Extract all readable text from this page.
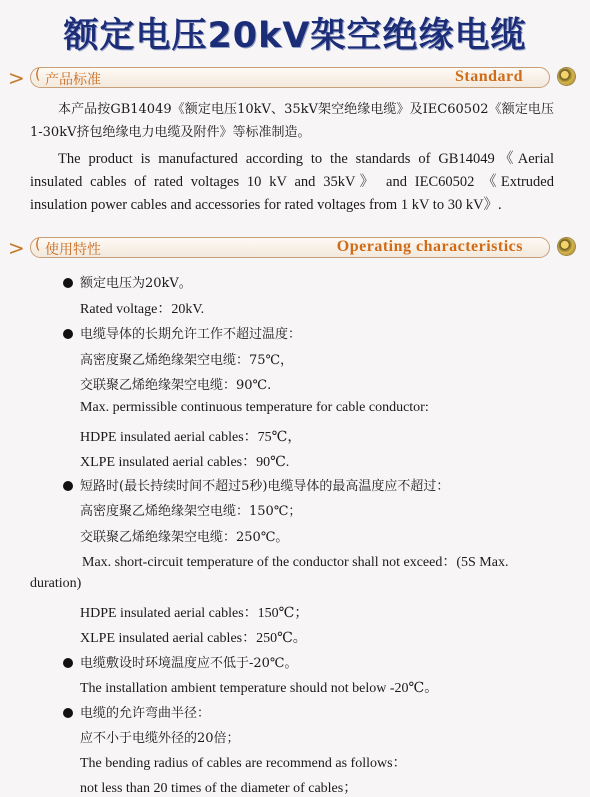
额定电压20kV架空绝缘电缆
> ( 产品标准	Standard
本产品按GB14049《额定电压10kV、35kV架空绝缘电缆》及IEC60502《额定电压1-30kV挤包绝缘电力电缆及附件》等标准制造。
The product is manufactured according to the standards of GB14049《Aerial insulated cables of rated voltages 10 kV and 35kV》 and IEC60502 《Extruded insulation power cables and accessories for rated voltages from 1 kV to 30 kV》.
> ( 使用特性	Operating characteristics
额定电压为20kV。
Rated voltage：20kV.
电缆导体的长期允许工作不超过温度：
高密度聚乙烯绝缘架空电缆：75℃，
交联聚乙烯绝缘架空电缆：90℃.
Max. permissible continuous temperature for cable conductor:
HDPE insulated aerial cables：75℃，
XLPE insulated aerial cables：90℃.
短路时(最长持续时间不超过5秒)电缆导体的最高温度应不超过：
高密度聚乙烯绝缘架空电缆：150℃；
交联聚乙烯绝缘架空电缆：250℃。
Max. short-circuit temperature of the conductor shall not exceed：(5S Max.
duration)
HDPE insulated aerial cables：150℃；
XLPE insulated aerial cables：250℃。
电缆敷设时环境温度应不低于-20℃。
The installation ambient temperature should not below -20℃。
电缆的允许弯曲半径：
应不小于电缆外径的20倍；
The bending radius of cables are recommend as follows：
not less than 20 times of the diameter of cables；
